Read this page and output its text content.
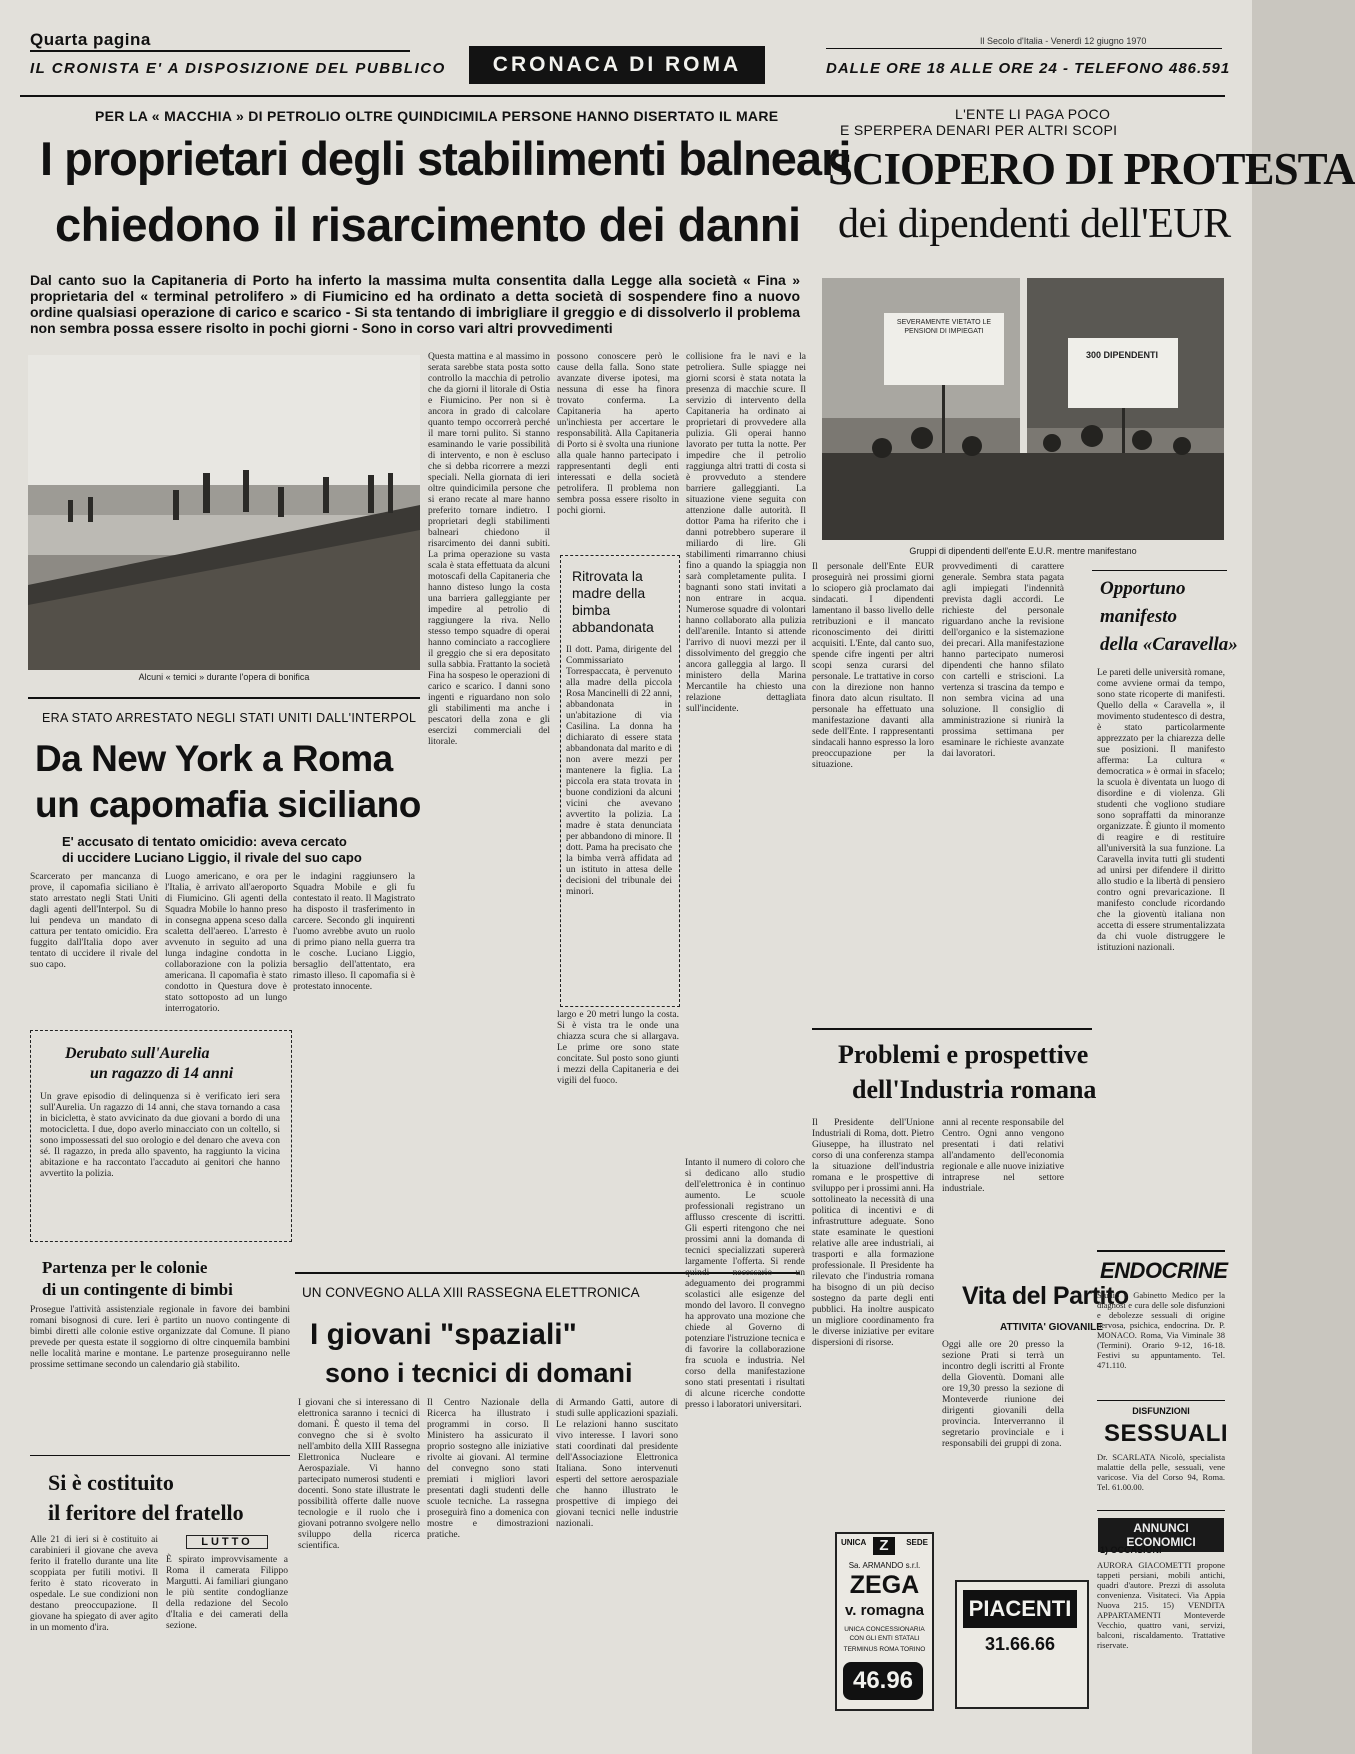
Quarta pagina
IL CRONISTA E' A DISPOSIZIONE DEL PUBBLICO	CRONACA DI ROMA
Il Secolo d'Italia - Venerdì 12 giugno 1970
DALLE ORE 18 ALLE ORE 24 - TELEFONO 486.591
PER LA « MACCHIA » DI PETROLIO OLTRE QUINDICIMILA PERSONE HANNO DISERTATO IL MARE
I proprietari degli stabilimenti balneari
chiedono il risarcimento dei danni
Dal canto suo la Capitaneria di Porto ha inferto la massima multa consentita dalla Legge alla società « Fina » proprietaria del « terminal petrolifero » di Fiumicino ed ha ordinato a detta società di sospendere fino a nuovo ordine qualsiasi operazione di carico e scarico - Si sta tentando di imbrigliare il greggio e di dissolverlo il problema non sembra possa essere risolto in pochi giorni - Sono in corso vari altri provvedimenti
Alcuni « temici » durante l'opera di bonifica
Questa mattina e al massimo in serata sarebbe stata posta sotto controllo la macchia di petrolio che da giorni il litorale di Ostia e Fiumicino. Per non si è ancora in grado di calcolare quanto tempo occorrerà perché il mare torni pulito. Si stanno esaminando le varie possibilità di intervento, e non è escluso che si debba ricorrere a mezzi speciali. Nella giornata di ieri oltre quindicimila persone che si erano recate al mare hanno preferito tornare indietro. I proprietari degli stabilimenti balneari chiedono il risarcimento dei danni subiti. La prima operazione su vasta scala è stata effettuata da alcuni motoscafi della Capitaneria che hanno disteso lungo la costa una barriera galleggiante per impedire al petrolio di raggiungere la riva. Nello stesso tempo squadre di operai hanno cominciato a raccogliere il greggio che si era depositato sulla sabbia. Frattanto la società Fina ha sospeso le operazioni di carico e scarico. I danni sono ingenti e riguardano non solo gli stabilimenti ma anche i pescatori della zona e gli esercizi commerciali del litorale.
possono conoscere però le cause della falla. Sono state avanzate diverse ipotesi, ma nessuna di esse ha finora trovato conferma. La Capitaneria ha aperto un'inchiesta per accertare le responsabilità. Alla Capitaneria di Porto si è svolta una riunione alla quale hanno partecipato i rappresentanti degli enti interessati e della società petrolifera. Il problema non sembra possa essere risolto in pochi giorni.
collisione fra le navi e la petroliera. Sulle spiagge nei giorni scorsi è stata notata la presenza di macchie scure. Il servizio di intervento della Capitaneria ha ordinato ai proprietari di provvedere alla pulizia. Gli operai hanno lavorato per tutta la notte. Per impedire che il petrolio raggiunga altri tratti di costa si è provveduto a stendere barriere galleggianti. La situazione viene seguita con attenzione dalle autorità. Il dottor Pama ha riferito che i danni potrebbero superare il miliardo di lire. Gli stabilimenti rimarranno chiusi fino a quando la spiaggia non sarà completamente pulita. I bagnanti sono stati invitati a non entrare in acqua. Numerose squadre di volontari hanno collaborato alla pulizia dell'arenile. Intanto si attende l'arrivo di nuovi mezzi per il dissolvimento del greggio che ancora galleggia al largo. Il ministero della Marina Mercantile ha chiesto una relazione dettagliata sull'incidente.
Ritrovata la madre della bimba abbandonata
Il dott. Pama, dirigente del Commissariato Torrespaccata, è pervenuto alla madre della piccola Rosa Mancinelli di 22 anni, abbandonata in un'abitazione di via Casilina. La donna ha dichiarato di essere stata abbandonata dal marito e di non avere mezzi per mantenere la figlia. La piccola era stata trovata in buone condizioni da alcuni vicini che avevano avvertito la polizia. La madre è stata denunciata per abbandono di minore. Il dott. Pama ha precisato che la bimba verrà affidata ad un istituto in attesa delle decisioni del tribunale dei minori.
largo e 20 metri lungo la costa. Si è vista tra le onde una chiazza scura che si allargava. Le prime ore sono state concitate. Sul posto sono giunti i mezzi della Capitaneria e dei vigili del fuoco.
L'ENTE LI PAGA POCO
E SPERPERA DENARI PER ALTRI SCOPI
SCIOPERO DI PROTESTA
dei dipendenti dell'EUR
SEVERAMENTE VIETATO LE PENSIONI DI IMPIEGATI
300 DIPENDENTI
Gruppi di dipendenti dell'ente E.U.R. mentre manifestano
Il personale dell'Ente EUR proseguirà nei prossimi giorni lo sciopero già proclamato dai sindacati. I dipendenti lamentano il basso livello delle retribuzioni e il mancato riconoscimento dei diritti acquisiti. L'Ente, dal canto suo, spende cifre ingenti per altri scopi senza curarsi del personale. Le trattative in corso con la direzione non hanno finora dato alcun risultato. Il personale ha effettuato una manifestazione davanti alla sede dell'Ente. I rappresentanti sindacali hanno espresso la loro preoccupazione per la situazione.
provvedimenti di carattere generale. Sembra stata pagata agli impiegati l'indennità prevista dagli accordi. Le richieste del personale riguardano anche la revisione dell'organico e la sistemazione dei precari. Alla manifestazione hanno partecipato numerosi dipendenti che hanno sfilato con cartelli e striscioni. La vertenza si trascina da tempo e non sembra vicina ad una soluzione. Il consiglio di amministrazione si riunirà la prossima settimana per esaminare le richieste avanzate dai lavoratori.
Opportuno
manifesto
della «Caravella»
Le pareti delle università romane, come avviene ormai da tempo, sono state ricoperte di manifesti. Quello della « Caravella », il movimento studentesco di destra, è stato particolarmente apprezzato per la chiarezza delle sue posizioni. Il manifesto afferma: La cultura « democratica » è ormai in sfacelo; la scuola è diventata un luogo di disordine e di violenza. Gli studenti che vogliono studiare sono sopraffatti da minoranze organizzate. È giunto il momento di reagire e di restituire all'università la sua funzione. La Caravella invita tutti gli studenti ad unirsi per difendere il diritto allo studio e la libertà di pensiero contro ogni prevaricazione. Il manifesto conclude ricordando che la gioventù italiana non accetta di essere strumentalizzata da chi vuole distruggere le istituzioni nazionali.
Problemi e prospettive
dell'Industria romana
Il Presidente dell'Unione Industriali di Roma, dott. Pietro Giuseppe, ha illustrato nel corso di una conferenza stampa la situazione dell'industria romana e le prospettive di sviluppo per i prossimi anni. Ha sottolineato la necessità di una politica di incentivi e di infrastrutture adeguate. Sono state esaminate le questioni relative alle aree industriali, ai trasporti e alla formazione professionale. Il Presidente ha rilevato che l'industria romana ha bisogno di un più deciso sostegno da parte degli enti pubblici. Ha inoltre auspicato un migliore coordinamento fra le diverse iniziative per evitare dispersioni di risorse.
anni al recente responsabile del Centro. Ogni anno vengono presentati i dati relativi all'andamento dell'economia regionale e alle nuove iniziative intraprese nel settore industriale.
Vita del Partito
ATTIVITA' GIOVANILE
Oggi alle ore 20 presso la sezione Prati si terrà un incontro degli iscritti al Fronte della Gioventù. Domani alle ore 19,30 presso la sezione di Monteverde riunione dei dirigenti giovanili della provincia. Interverranno il segretario provinciale e i responsabili dei gruppi di zona.
ERA STATO ARRESTATO NEGLI STATI UNITI DALL'INTERPOL
Da New York a Roma
un capomafia siciliano
E' accusato di tentato omicidio: aveva cercato
di uccidere Luciano Liggio, il rivale del suo capo
Scarcerato per mancanza di prove, il capomafia siciliano è stato arrestato negli Stati Uniti dagli agenti dell'Interpol. Su di lui pendeva un mandato di cattura per tentato omicidio. Era fuggito dall'Italia dopo aver tentato di uccidere il rivale del suo capo.
Luogo americano, e ora per l'Italia, è arrivato all'aeroporto di Fiumicino. Gli agenti della Squadra Mobile lo hanno preso in consegna appena sceso dalla scaletta dell'aereo. L'arresto è avvenuto in seguito ad una lunga indagine condotta in collaborazione con la polizia americana. Il capomafia è stato condotto in Questura dove è stato sottoposto ad un lungo interrogatorio.
le indagini raggiunsero la Squadra Mobile e gli fu contestato il reato. Il Magistrato ha disposto il trasferimento in carcere. Secondo gli inquirenti l'uomo avrebbe avuto un ruolo di primo piano nella guerra tra le cosche. Luciano Liggio, bersaglio dell'attentato, era rimasto illeso. Il capomafia si è protestato innocente.
Derubato sull'Aurelia
un ragazzo di 14 anni
Un grave episodio di delinquenza si è verificato ieri sera sull'Aurelia. Un ragazzo di 14 anni, che stava tornando a casa in bicicletta, è stato avvicinato da due giovani a bordo di una motocicletta. I due, dopo averlo minacciato con un coltello, si sono impossessati del suo orologio e del denaro che aveva con sé. Il ragazzo, in preda allo spavento, ha raggiunto la vicina abitazione e ha raccontato l'accaduto ai genitori che hanno avvertito la polizia.
Partenza per le colonie
di un contingente di bimbi
Prosegue l'attività assistenziale regionale in favore dei bambini romani bisognosi di cure. Ieri è partito un nuovo contingente di bimbi diretti alle colonie estive organizzate dal Comune. Il piano prevede per questa estate il soggiorno di oltre cinquemila bambini nelle località marine e montane. Le partenze proseguiranno nelle prossime settimane secondo un calendario già stabilito.
Si è costituito
il feritore del fratello
Alle 21 di ieri si è costituito ai carabinieri il giovane che aveva ferito il fratello durante una lite scoppiata per futili motivi. Il ferito è stato ricoverato in ospedale. Le sue condizioni non destano preoccupazione. Il giovane ha spiegato di aver agito in un momento d'ira.
LUTTO
È spirato improvvisamente a Roma il camerata Filippo Margutti. Ai familiari giungano le più sentite condoglianze della redazione del Secolo d'Italia e dei camerati della sezione.
UN CONVEGNO ALLA XIII RASSEGNA ELETTRONICA
I giovani "spaziali"
sono i tecnici di domani
I giovani che si interessano di elettronica saranno i tecnici di domani. È questo il tema del convegno che si è svolto nell'ambito della XIII Rassegna Elettronica Nucleare e Aerospaziale. Vi hanno partecipato numerosi studenti e docenti. Sono state illustrate le possibilità offerte dalle nuove tecnologie e il ruolo che i giovani potranno svolgere nello sviluppo della ricerca scientifica.
Il Centro Nazionale della Ricerca ha illustrato i programmi in corso. Il Ministero ha assicurato il proprio sostegno alle iniziative rivolte ai giovani. Al termine del convegno sono stati premiati i migliori lavori presentati dagli studenti delle scuole tecniche. La rassegna proseguirà fino a domenica con mostre e dimostrazioni pratiche.
di Armando Gatti, autore di studi sulle applicazioni spaziali. Le relazioni hanno suscitato vivo interesse. I lavori sono stati coordinati dal presidente dell'Associazione Elettronica Italiana. Sono intervenuti esperti del settore aerospaziale che hanno illustrato le prospettive di impiego dei giovani tecnici nelle industrie nazionali.
Intanto il numero di coloro che si dedicano allo studio dell'elettronica è in continuo aumento. Le scuole professionali registrano un afflusso crescente di iscritti. Gli esperti ritengono che nei prossimi anni la domanda di tecnici specializzati supererà largamente l'offerta. Si rende quindi necessario un adeguamento dei programmi scolastici alle esigenze del mondo del lavoro. Il convegno ha approvato una mozione che chiede al Governo di potenziare l'istruzione tecnica e di favorire la collaborazione fra scuola e industria. Nel corso della manifestazione sono stati presentati i risultati di alcune ricerche condotte presso i laboratori universitari.
ENDOCRINE
Studio e Gabinetto Medico per la diagnosi e cura delle sole disfunzioni e debolezze sessuali di origine nervosa, psichica, endocrina. Dr. P. MONACO. Roma, Via Viminale 38 (Termini). Orario 9-12, 16-18. Festivi su appuntamento. Tel. 471.110.
DISFUNZIONI
SESSUALI
Dr. SCARLATA Nicolò, specialista malattie della pelle, sessuali, vene varicose. Via del Corso 94, Roma. Tel. 61.00.00.
ANNUNCI ECONOMICI
1) OCCASIONI
AURORA GIACOMETTI propone tappeti persiani, mobili antichi, quadri d'autore. Prezzi di assoluta convenienza. Visitateci. Via Appia Nuova 215. 15) VENDITA APPARTAMENTI Monteverde Vecchio, quattro vani, servizi, balconi, riscaldamento. Trattative riservate.
UNICA	SEDE
Z
Sa. ARMANDO s.r.l.
ZEGA
v. romagna
UNICA CONCESSIONARIA
CON GLI ENTI STATALI
TERMINUS ROMA TORINO
46.96
PIACENTI
31.66.66
